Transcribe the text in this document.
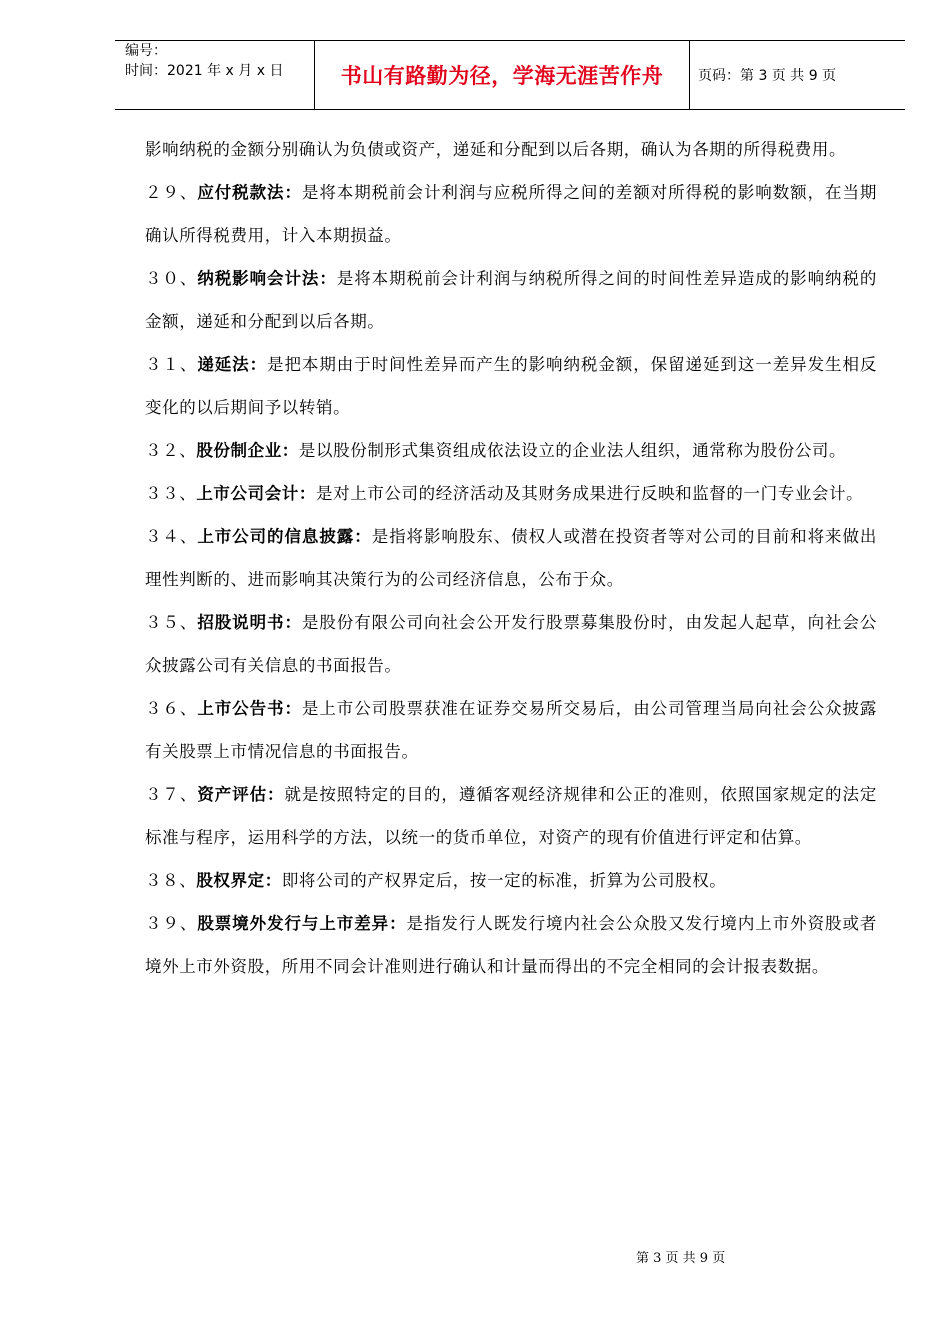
编号：
时间：2021 年 x 月 x 日	书山有路勤为径，学海无涯苦作舟	页码：第 3 页 共 9 页

影响纳税的金额分别确认为负债或资产，递延和分配到以后各期，确认为各期的所得税费用。

２９、应付税款法：是将本期税前会计利润与应税所得之间的差额对所得税的影响数额，在当期确认所得税费用，计入本期损益。

３０、纳税影响会计法：是将本期税前会计利润与纳税所得之间的时间性差异造成的影响纳税的金额，递延和分配到以后各期。

３１、递延法：是把本期由于时间性差异而产生的影响纳税金额，保留递延到这一差异发生相反变化的以后期间予以转销。

３２、股份制企业：是以股份制形式集资组成依法设立的企业法人组织，通常称为股份公司。

３３、上市公司会计：是对上市公司的经济活动及其财务成果进行反映和监督的一门专业会计。

３４、上市公司的信息披露：是指将影响股东、债权人或潜在投资者等对公司的目前和将来做出理性判断的、进而影响其决策行为的公司经济信息，公布于众。

３５、招股说明书：是股份有限公司向社会公开发行股票募集股份时，由发起人起草，向社会公众披露公司有关信息的书面报告。

３６、上市公告书：是上市公司股票获准在证券交易所交易后，由公司管理当局向社会公众披露有关股票上市情况信息的书面报告。

３７、资产评估：就是按照特定的目的，遵循客观经济规律和公正的准则，依照国家规定的法定标准与程序，运用科学的方法，以统一的货币单位，对资产的现有价值进行评定和估算。

３８、股权界定：即将公司的产权界定后，按一定的标准，折算为公司股权。

３９、股票境外发行与上市差异：是指发行人既发行境内社会公众股又发行境内上市外资股或者境外上市外资股，所用不同会计准则进行确认和计量而得出的不完全相同的会计报表数据。

第 3 页 共 9 页
